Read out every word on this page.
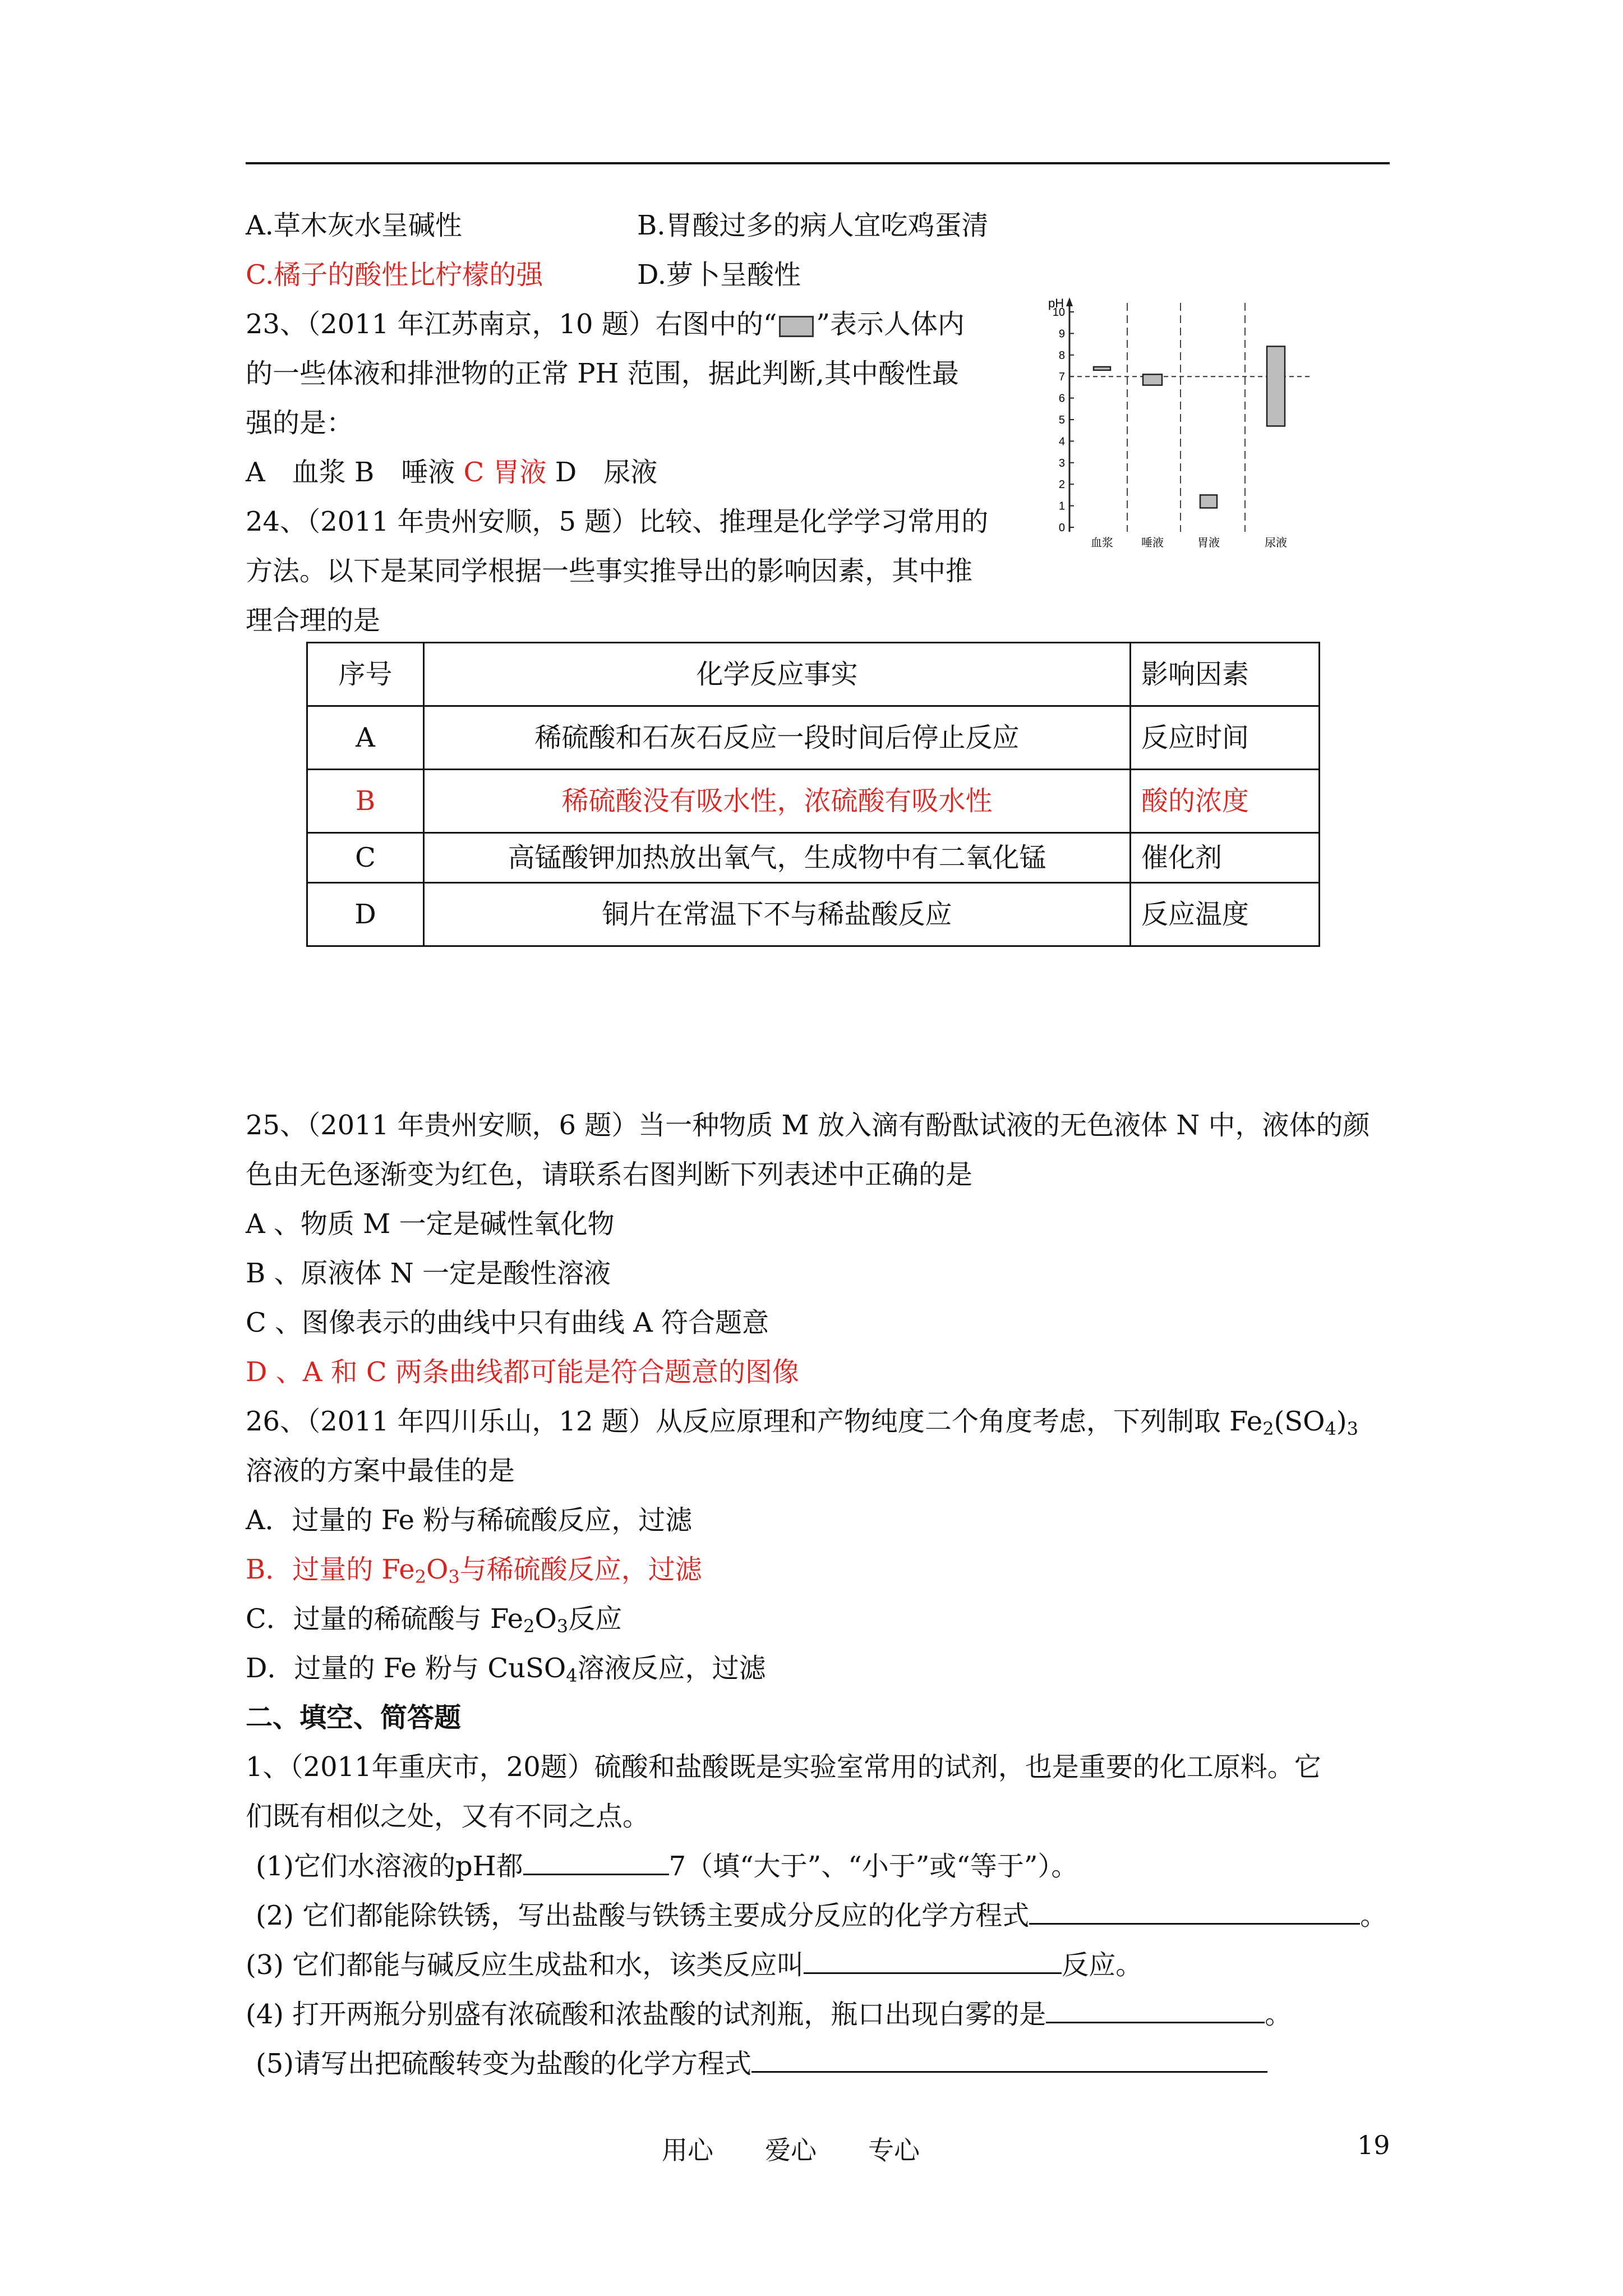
A.草木灰水呈碱性	B.胃酸过多的病人宜吃鸡蛋清
C.橘子的酸性比柠檬的强	D.萝卜呈酸性
23、（2011 年江苏南京，10 题）右图中的“ ”表示人体内
的一些体液和排泄物的正常 PH 范围，据此判断,其中酸性最
强的是：
A　血浆 B　唾液 C 胃液 D　尿液
pH
0
1
2
3
4
5
6
7
8
9
10
血浆	唾液	胃液	尿液
24、（2011 年贵州安顺，5 题）比较、推理是化学学习常用的
方法。以下是某同学根据一些事实推导出的影响因素，其中推
理合理的是
序号	化学反应事实	影响因素
A	稀硫酸和石灰石反应一段时间后停止反应	反应时间
B	稀硫酸没有吸水性，浓硫酸有吸水性	酸的浓度
C	高锰酸钾加热放出氧气，生成物中有二氧化锰	催化剂
D	铜片在常温下不与稀盐酸反应	反应温度
25、（2011 年贵州安顺，6 题）当一种物质 M 放入滴有酚酞试液的无色液体 N 中，液体的颜
色由无色逐渐变为红色，请联系右图判断下列表述中正确的是
A 、物质 M 一定是碱性氧化物
B 、原液体 N 一定是酸性溶液
C 、图像表示的曲线中只有曲线 A 符合题意
D 、A 和 C 两条曲线都可能是符合题意的图像
26、（2011 年四川乐山，12 题）从反应原理和产物纯度二个角度考虑，下列制取 $Fe_2(SO_4)_3$
溶液的方案中最佳的是
A．过量的 Fe 粉与稀硫酸反应，过滤
B．过量的 $Fe_2O_3$与稀硫酸反应，过滤
C．过量的稀硫酸与 $Fe_2O_3$反应
D．过量的 Fe 粉与 CuSO$_4$溶液反应，过滤
二、填空、简答题
1、（2011年重庆市，20题）硫酸和盐酸既是实验室常用的试剂，也是重要的化工原料。它
们既有相似之处，又有不同之点。
(1)它们水溶液的pH都	7（填“大于”、“小于”或“等于”）。
(2) 它们都能除铁锈，写出盐酸与铁锈主要成分反应的化学方程式	。
(3) 它们都能与碱反应生成盐和水，该类反应叫	反应。
(4) 打开两瓶分别盛有浓硫酸和浓盐酸的试剂瓶，瓶口出现白雾的是	。
(5)请写出把硫酸转变为盐酸的化学方程式
用心　　爱心　　专心	19
